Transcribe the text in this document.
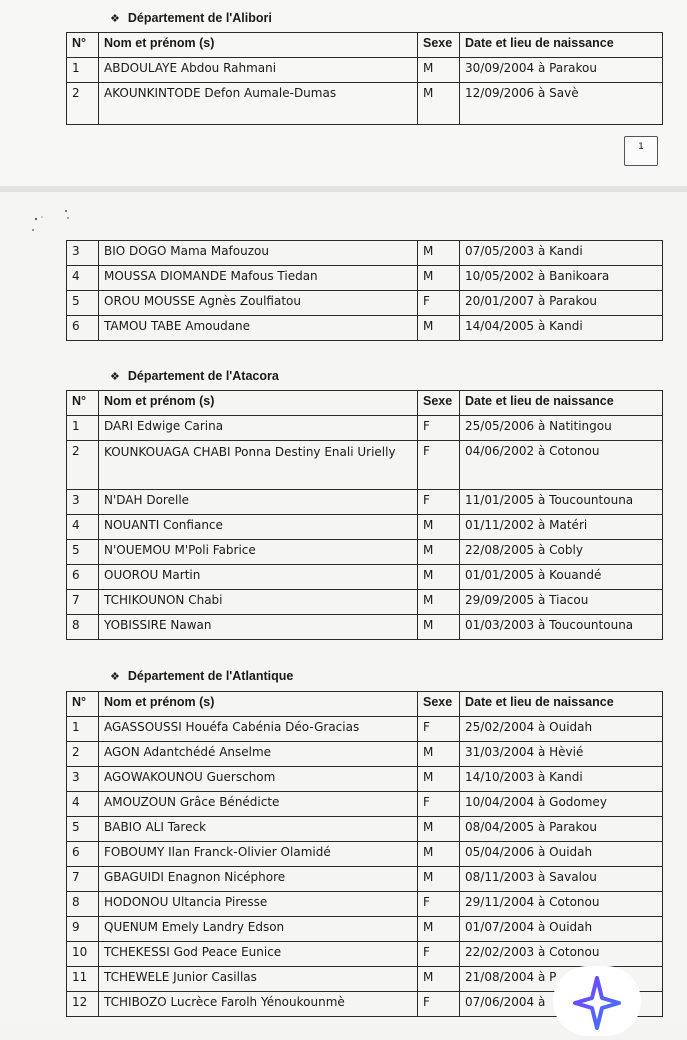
❖ Département de l'Alibori
N°	Nom et prénom (s)	Sexe	Date et lieu de naissance
1	ABDOULAYE Abdou Rahmani	M	30/09/2004 à Parakou
2	AKOUNKINTODE Defon Aumale-Dumas	M	12/09/2006 à Savè
1
3	BIO DOGO Mama Mafouzou	M	07/05/2003 à Kandi
4	MOUSSA DIOMANDE Mafous Tiedan	M	10/05/2002 à Banikoara
5	OROU MOUSSE Agnès Zoulfiatou	F	20/01/2007 à Parakou
6	TAMOU TABE Amoudane	M	14/04/2005 à Kandi
❖ Département de l'Atacora
N°	Nom et prénom (s)	Sexe	Date et lieu de naissance
1	DARI Edwige Carina	F	25/05/2006 à Natitingou
2	KOUNKOUAGA CHABI Ponna Destiny Enali Urielly	F	04/06/2002 à Cotonou
3	N'DAH Dorelle	F	11/01/2005 à Toucountouna
4	NOUANTI Confiance	M	01/11/2002 à Matéri
5	N'OUEMOU M'Poli Fabrice	M	22/08/2005 à Cobly
6	OUOROU Martin	M	01/01/2005 à Kouandé
7	TCHIKOUNON Chabi	M	29/09/2005 à Tiacou
8	YOBISSIRE Nawan	M	01/03/2003 à Toucountouna
❖ Département de l'Atlantique
N°	Nom et prénom (s)	Sexe	Date et lieu de naissance
1	AGASSOUSSI Houéfa Cabénia Déo-Gracias	F	25/02/2004 à Ouidah
2	AGON Adantchédé Anselme	M	31/03/2004 à Hèvié
3	AGOWAKOUNOU Guerschom	M	14/10/2003 à Kandi
4	AMOUZOUN Grâce Bénédicte	F	10/04/2004 à Godomey
5	BABIO ALI Tareck	M	08/04/2005 à Parakou
6	FOBOUMY Ilan Franck-Olivier Olamidé	M	05/04/2006 à Ouidah
7	GBAGUIDI Enagnon Nicéphore	M	08/11/2003 à Savalou
8	HODONOU Ultancia Piresse	F	29/11/2004 à Cotonou
9	QUENUM Emely Landry Edson	M	01/07/2004 à Ouidah
10	TCHEKESSI God Peace Eunice	F	22/02/2003 à Cotonou
11	TCHEWELE Junior Casillas	M	21/08/2004 à P
12	TCHIBOZO Lucrèce Farolh Yénoukounmè	F	07/06/2004 à
